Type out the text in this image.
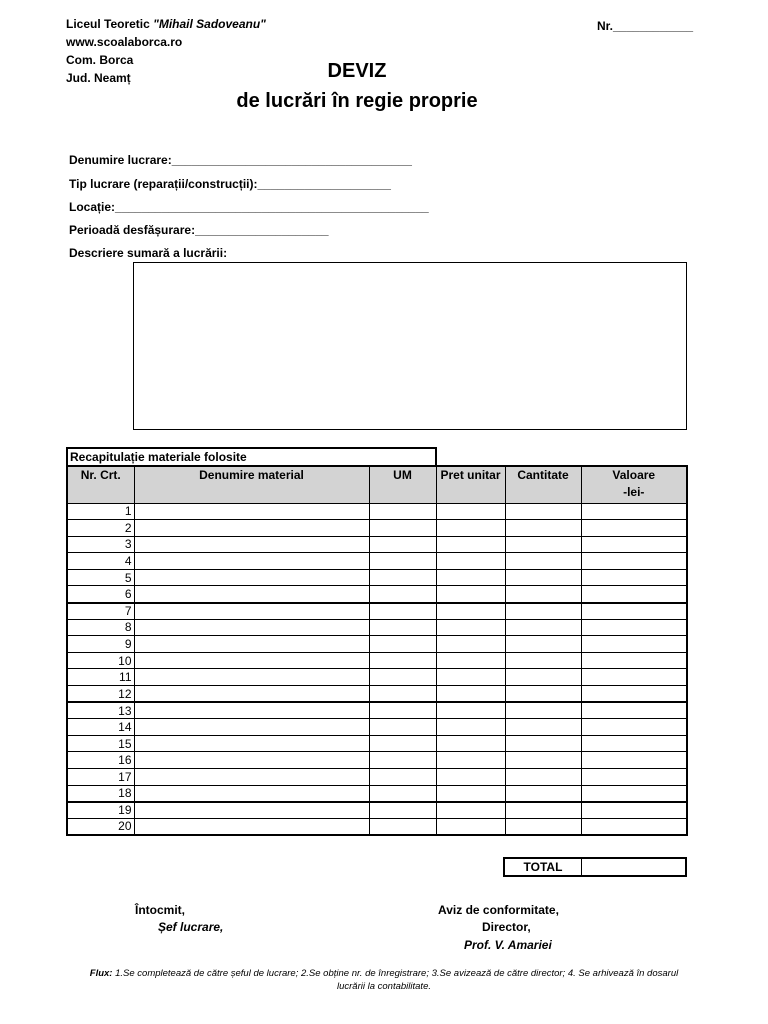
Liceul Teoretic "Mihail Sadoveanu"
www.scoalaborca.ro
Com. Borca
Jud. Neamț
Nr.____________
DEVIZ
de lucrări în regie proprie
Denumire lucrare:____________________________________
Tip lucrare (reparații/construcții):____________________
Locație:_______________________________________________
Perioadă desfășurare:____________________
Descriere sumară a lucrării:
Recapitulație materiale folosite
Nr. Crt.	Denumire material	UM	Pret unitar	Cantitate	Valoare
-lei-

1					
2					
3					
4					
5					
6					
7					
8					
9					
10					
11					
12					
13					
14					
15					
16					
17					
18					
19					
20					
TOTAL
Întocmit,
Șef lucrare,
Aviz de conformitate,
Director,
Prof. V. Amariei
Flux: 1.Se completează de către șeful de lucrare; 2.Se obține nr. de înregistrare; 3.Se avizează de către director; 4. Se arhivează în dosarul lucrării la contabilitate.
